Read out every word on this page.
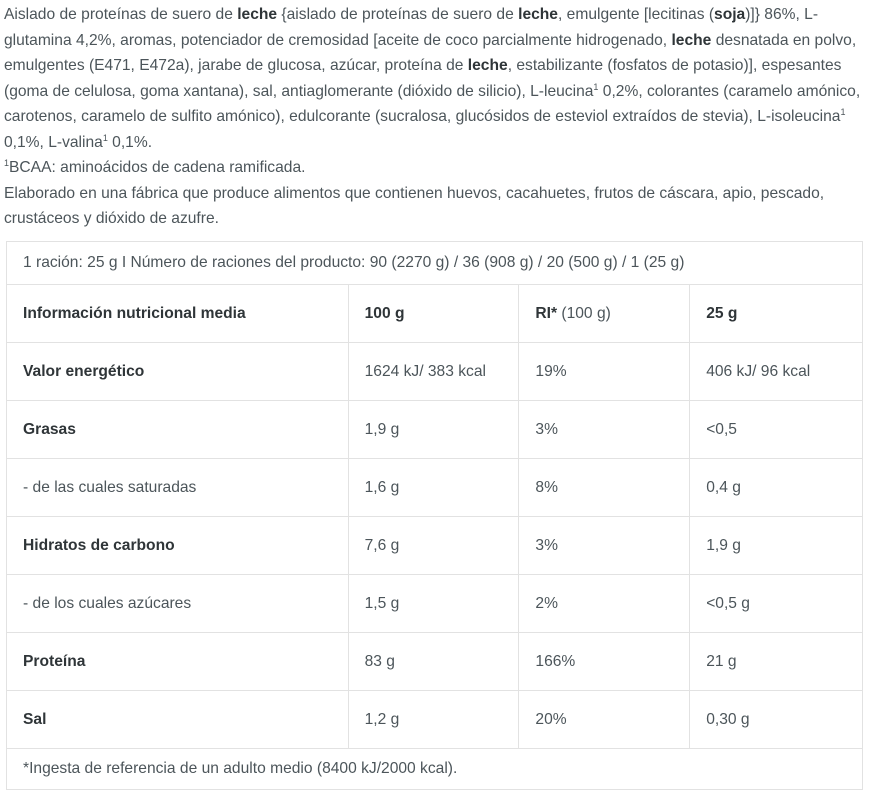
Aislado de proteínas de suero de leche {aislado de proteínas de suero de leche, emulgente [lecitinas (soja)]} 86%, L-glutamina 4,2%, aromas, potenciador de cremosidad [aceite de coco parcialmente hidrogenado, leche desnatada en polvo, emulgentes (E471, E472a), jarabe de glucosa, azúcar, proteína de leche, estabilizante (fosfatos de potasio)], espesantes (goma de celulosa, goma xantana), sal, antiaglomerante (dióxido de silicio), L-leucina$^1$ 0,2%, colorantes (caramelo amónico, carotenos, caramelo de sulfito amónico), edulcorante (sucralosa, glucósidos de esteviol extraídos de stevia), L-isoleucina$^1$ 0,1%, L-valina$^1$ 0,1%.

$^1$BCAA: aminoácidos de cadena ramificada.

Elaborado en una fábrica que produce alimentos que contienen huevos, cacahuetes, frutos de cáscara, apio, pescado, crustáceos y dióxido de azufre.

1 ración: 25 g I Número de raciones del producto: 90 (2270 g) / 36 (908 g) / 20 (500 g) / 1 (25 g)			
Información nutricional media	100 g	RI* (100 g)	25 g
Valor energético	1624 kJ/ 383 kcal	19%	406 kJ/ 96 kcal
Grasas	1,9 g	3%	<0,5
- de las cuales saturadas	1,6 g	8%	0,4 g
Hidratos de carbono	7,6 g	3%	1,9 g
- de los cuales azúcares	1,5 g	2%	<0,5 g
Proteína	83 g	166%	21 g
Sal	1,2 g	20%	0,30 g
*Ingesta de referencia de un adulto medio (8400 kJ/2000 kcal).			
